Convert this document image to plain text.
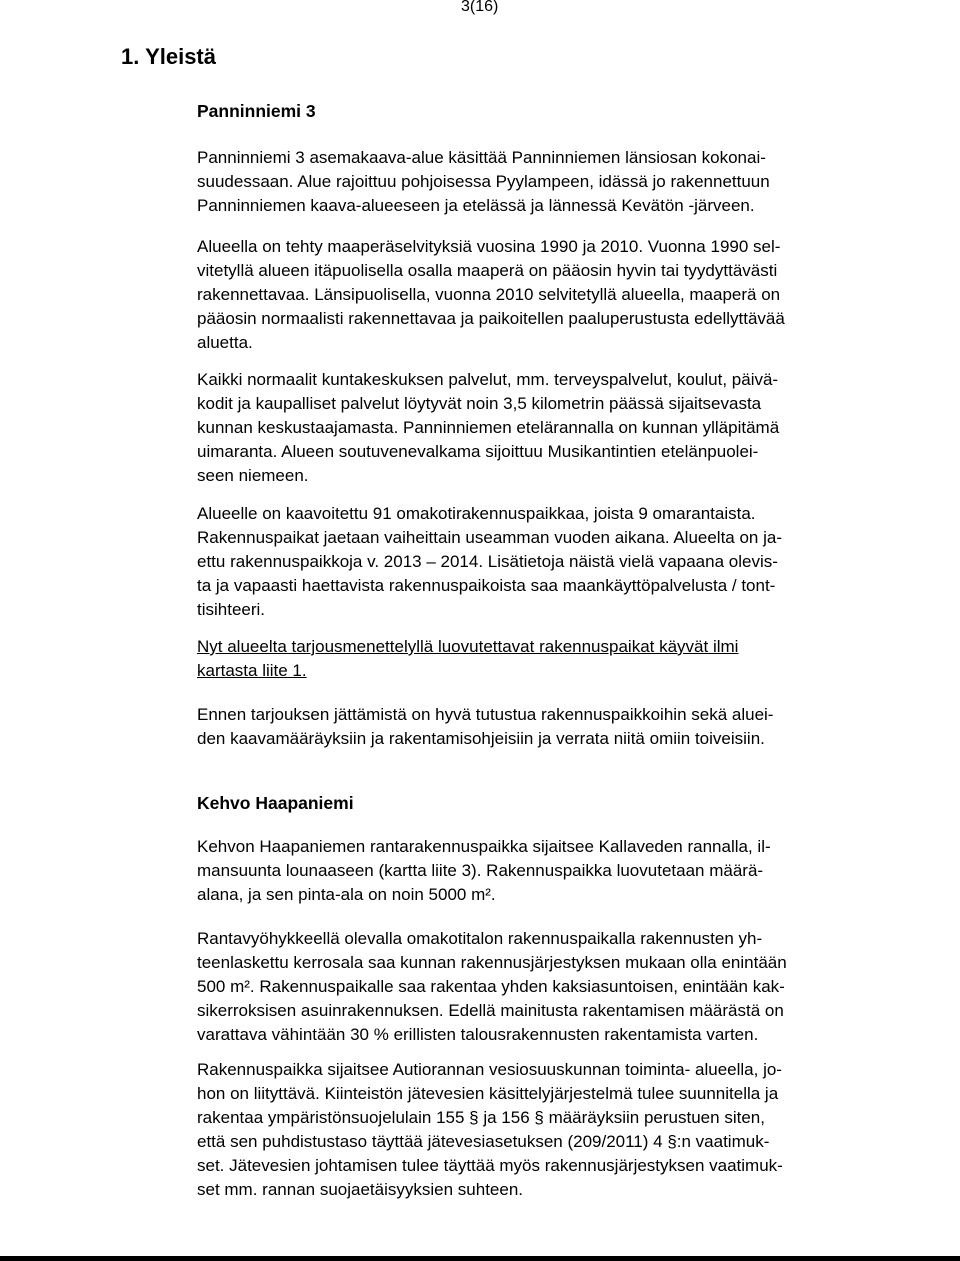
3(16)
1. Yleistä
Panninniemi 3

Panninniemi 3 asemakaava-alue käsittää Panninniemen länsiosan kokonai-
suudessaan. Alue rajoittuu pohjoisessa Pyylampeen, idässä jo rakennettuun
Panninniemen kaava-alueeseen ja etelässä ja lännessä Kevätön -järveen.

Alueella on tehty maaperäselvityksiä vuosina 1990 ja 2010. Vuonna 1990 sel-
vitetyllä alueen itäpuolisella osalla maaperä on pääosin hyvin tai tyydyttävästi
rakennettavaa. Länsipuolisella, vuonna 2010 selvitetyllä alueella, maaperä on
pääosin normaalisti rakennettavaa ja paikoitellen paaluperustusta edellyttävää
aluetta.

Kaikki normaalit kuntakeskuksen palvelut, mm. terveyspalvelut, koulut, päivä-
kodit ja kaupalliset palvelut löytyvät noin 3,5 kilometrin päässä sijaitsevasta
kunnan keskustaajamasta. Panninniemen etelärannalla on kunnan ylläpitämä
uimaranta. Alueen soutuvenevalkama sijoittuu Musikantintien etelänpuolei-
seen niemeen.

Alueelle on kaavoitettu 91 omakotirakennuspaikkaa, joista 9 omarantaista.
Rakennuspaikat jaetaan vaiheittain useamman vuoden aikana. Alueelta on ja-
ettu rakennuspaikkoja v. 2013 – 2014. Lisätietoja näistä vielä vapaana olevis-
ta ja vapaasti haettavista rakennuspaikoista saa maankäyttöpalvelusta / tont-
tisihteeri.

Nyt alueelta tarjousmenettelyllä luovutettavat rakennuspaikat käyvät ilmi
kartasta liite 1.

Ennen tarjouksen jättämistä on hyvä tutustua rakennuspaikkoihin sekä aluei-
den kaavamääräyksiin ja rakentamisohjeisiin ja verrata niitä omiin toiveisiin.

Kehvo Haapaniemi

Kehvon Haapaniemen rantarakennuspaikka sijaitsee Kallaveden rannalla, il-
mansuunta lounaaseen (kartta liite 3). Rakennuspaikka luovutetaan määrä-
alana, ja sen pinta-ala on noin 5000 m².

Rantavyöhykkeellä olevalla omakotitalon rakennuspaikalla rakennusten yh-
teenlaskettu kerrosala saa kunnan rakennusjärjestyksen mukaan olla enintään
500 m². Rakennuspaikalle saa rakentaa yhden kaksiasuntoisen, enintään kak-
sikerroksisen asuinrakennuksen. Edellä mainitusta rakentamisen määrästä on
varattava vähintään 30 % erillisten talousrakennusten rakentamista varten.

Rakennuspaikka sijaitsee Autiorannan vesiosuuskunnan toiminta- alueella, jo-
hon on liityttävä. Kiinteistön jätevesien käsittelyjärjestelmä tulee suunnitella ja
rakentaa ympäristönsuojelulain 155 § ja 156 § määräyksiin perustuen siten,
että sen puhdistustaso täyttää jätevesiasetuksen (209/2011) 4 §:n vaatimuk-
set. Jätevesien johtamisen tulee täyttää myös rakennusjärjestyksen vaatimuk-
set mm. rannan suojaetäisyyksien suhteen.
